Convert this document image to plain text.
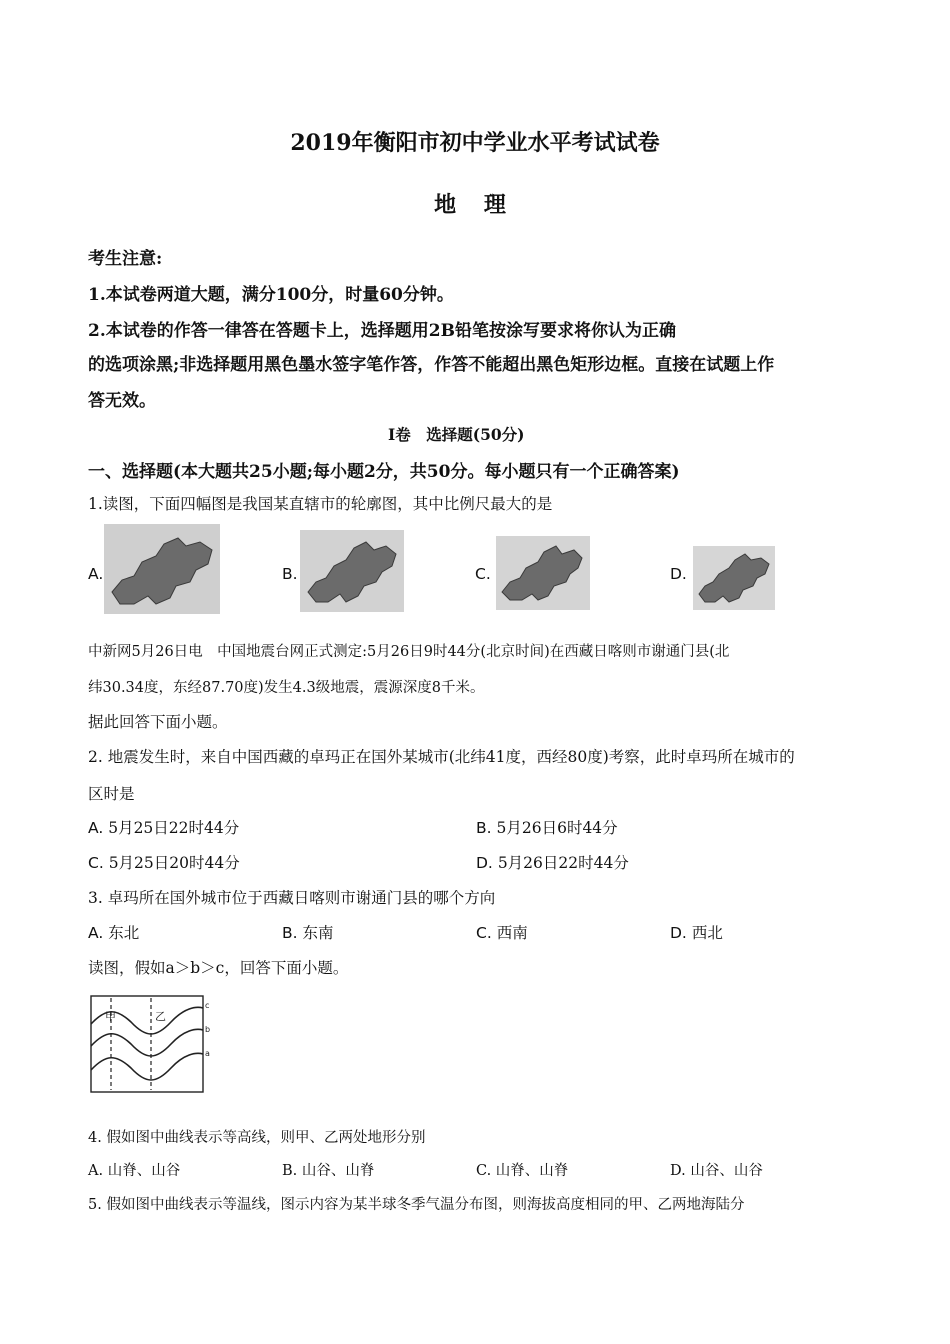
2019年衡阳市初中学业水平考试试卷
地 理
考生注意:
1.本试卷两道大题，满分100分，时量60分钟。
2.本试卷的作答一律答在答题卡上，选择题用2B铅笔按涂写要求将你认为正确
的选项涂黑;非选择题用黑色墨水签字笔作答，作答不能超出黑色矩形边框。直接在试题上作
答无效。
I卷　选择题(50分)
一、选择题(本大题共25小题;每小题2分，共50分。每小题只有一个正确答案)
1.读图，下面四幅图是我国某直辖市的轮廓图，其中比例尺最大的是
A.	B.	C.	D.
中新网5月26日电　中国地震台网正式测定:5月26日9时44分(北京时间)在西藏日喀则市谢通门县(北
纬30.34度，东经87.70度)发生4.3级地震，震源深度8千米。
据此回答下面小题。
2. 地震发生时，来自中国西藏的卓玛正在国外某城市(北纬41度，西经80度)考察，此时卓玛所在城市的
区时是
A. 5月25日22时44分	B. 5月26日6时44分
C. 5月25日20时44分	D. 5月26日22时44分
3. 卓玛所在国外城市位于西藏日喀则市谢通门县的哪个方向
A. 东北	B. 东南	C. 西南	D. 西北
读图，假如a＞b＞c，回答下面小题。
甲	乙
c
b
a
4. 假如图中曲线表示等高线，则甲、乙两处地形分别
A. 山脊、山谷	B. 山谷、山脊	C. 山脊、山脊	D. 山谷、山谷
5. 假如图中曲线表示等温线，图示内容为某半球冬季气温分布图，则海拔高度相同的甲、乙两地海陆分
